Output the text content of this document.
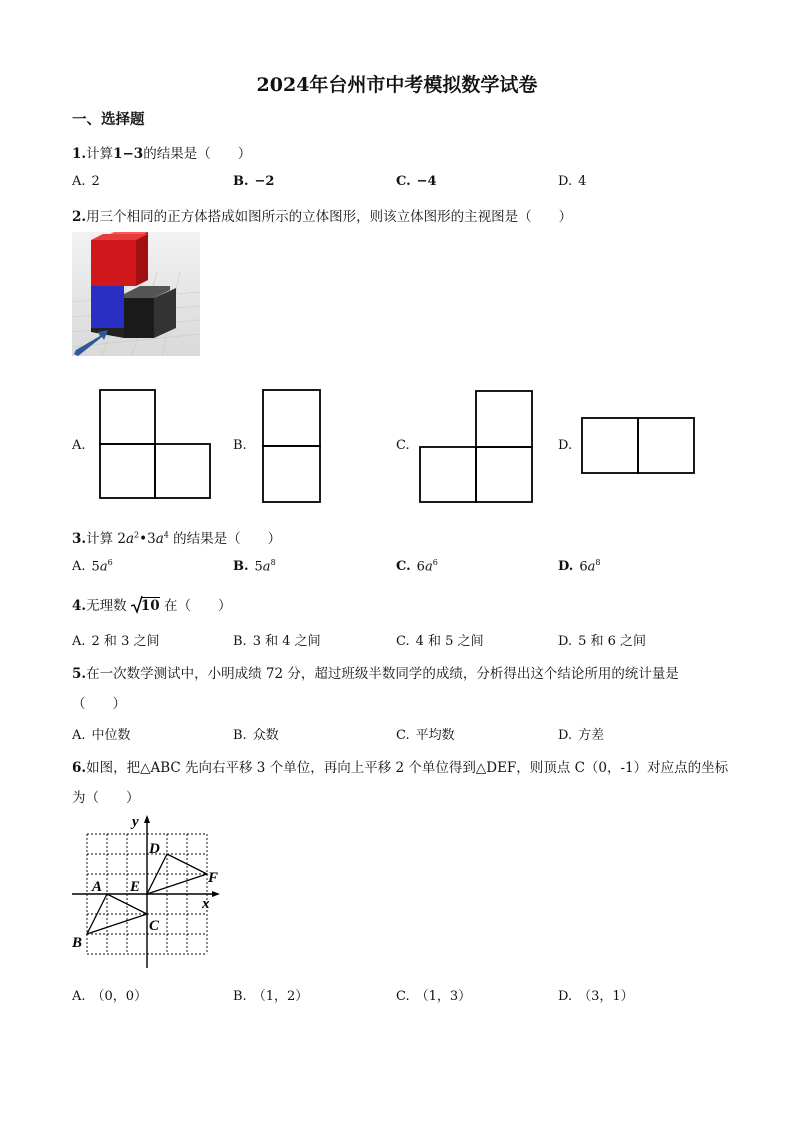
2024年台州市中考模拟数学试卷
一、选择题
1.计算1−3的结果是（　　）
A. 2	B. −2	C. −4	D. 4
2.用三个相同的正方体搭成如图所示的立体图形，则该立体图形的主视图是（　　）
A.	B.	C.	D.
3.计算 $2a^2•3a^4$ 的结果是（　　）
A. $5a^6$	B. $5a^8$	C. $6a^6$	D. $6a^8$
4.无理数
10 在（　　）
A. 2 和 3 之间	B. 3 和 4 之间	C. 4 和 5 之间	D. 5 和 6 之间
5.在一次数学测试中，小明成绩 72 分，超过班级半数同学的成绩，分析得出这个结论所用的统计量是
（　　）
A. 中位数	B. 众数	C. 平均数	D. 方差
6.如图，把△ABC 先向右平移 3 个单位，再向上平移 2 个单位得到△DEF，则顶点 C（0，-1）对应点的坐标
为（　　）
x
y
A
B
C
D
E
F
A. （0，0）	B. （1，2）	C. （1，3）	D. （3，1）
